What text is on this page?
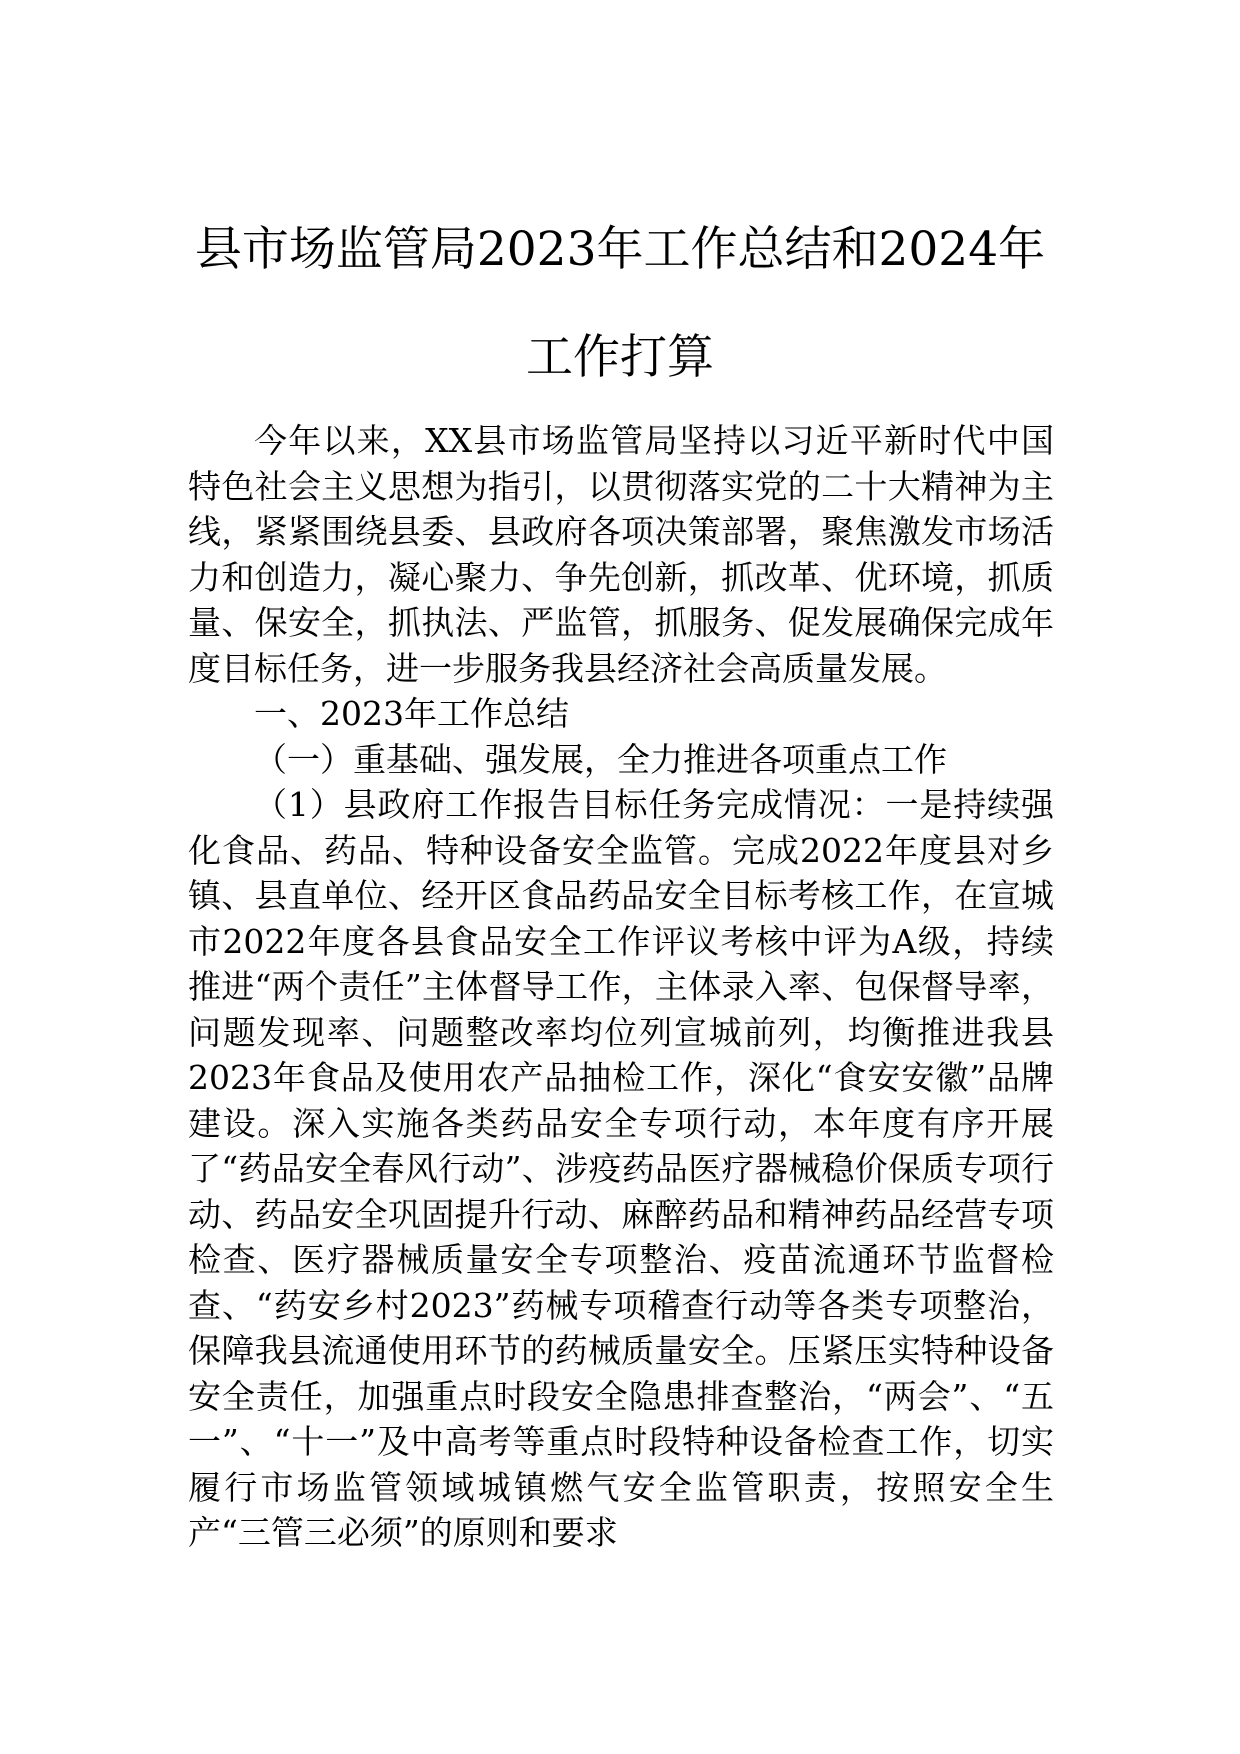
县市场监管局2023年工作总结和2024年工作打算

今年以来，XX县市场监管局坚持以习近平新时代中国特色社会主义思想为指引，以贯彻落实党的二十大精神为主线，紧紧围绕县委、县政府各项决策部署，聚焦激发市场活力和创造力，凝心聚力、争先创新，抓改革、优环境，抓质量、保安全，抓执法、严监管，抓服务、促发展确保完成年度目标任务，进一步服务我县经济社会高质量发展。

一、2023年工作总结

（一）重基础、强发展，全力推进各项重点工作

（1）县政府工作报告目标任务完成情况：一是持续强化食品、药品、特种设备安全监管。完成2022年度县对乡镇、县直单位、经开区食品药品安全目标考核工作，在宣城市2022年度各县食品安全工作评议考核中评为A级，持续推进“两个责任”主体督导工作，主体录入率、包保督导率，问题发现率、问题整改率均位列宣城前列，均衡推进我县2023年食品及使用农产品抽检工作，深化“食安安徽”品牌建设。深入实施各类药品安全专项行动，本年度有序开展了“药品安全春风行动”、涉疫药品医疗器械稳价保质专项行动、药品安全巩固提升行动、麻醉药品和精神药品经营专项检查、医疗器械质量安全专项整治、疫苗流通环节监督检查、“药安乡村2023”药械专项稽查行动等各类专项整治，保障我县流通使用环节的药械质量安全。压紧压实特种设备安全责任，加强重点时段安全隐患排查整治，“两会”、“五一”、“十一”及中高考等重点时段特种设备检查工作，切实履行市场监管领域城镇燃气安全监管职责，按照安全生产“三管三必须”的原则和要求
